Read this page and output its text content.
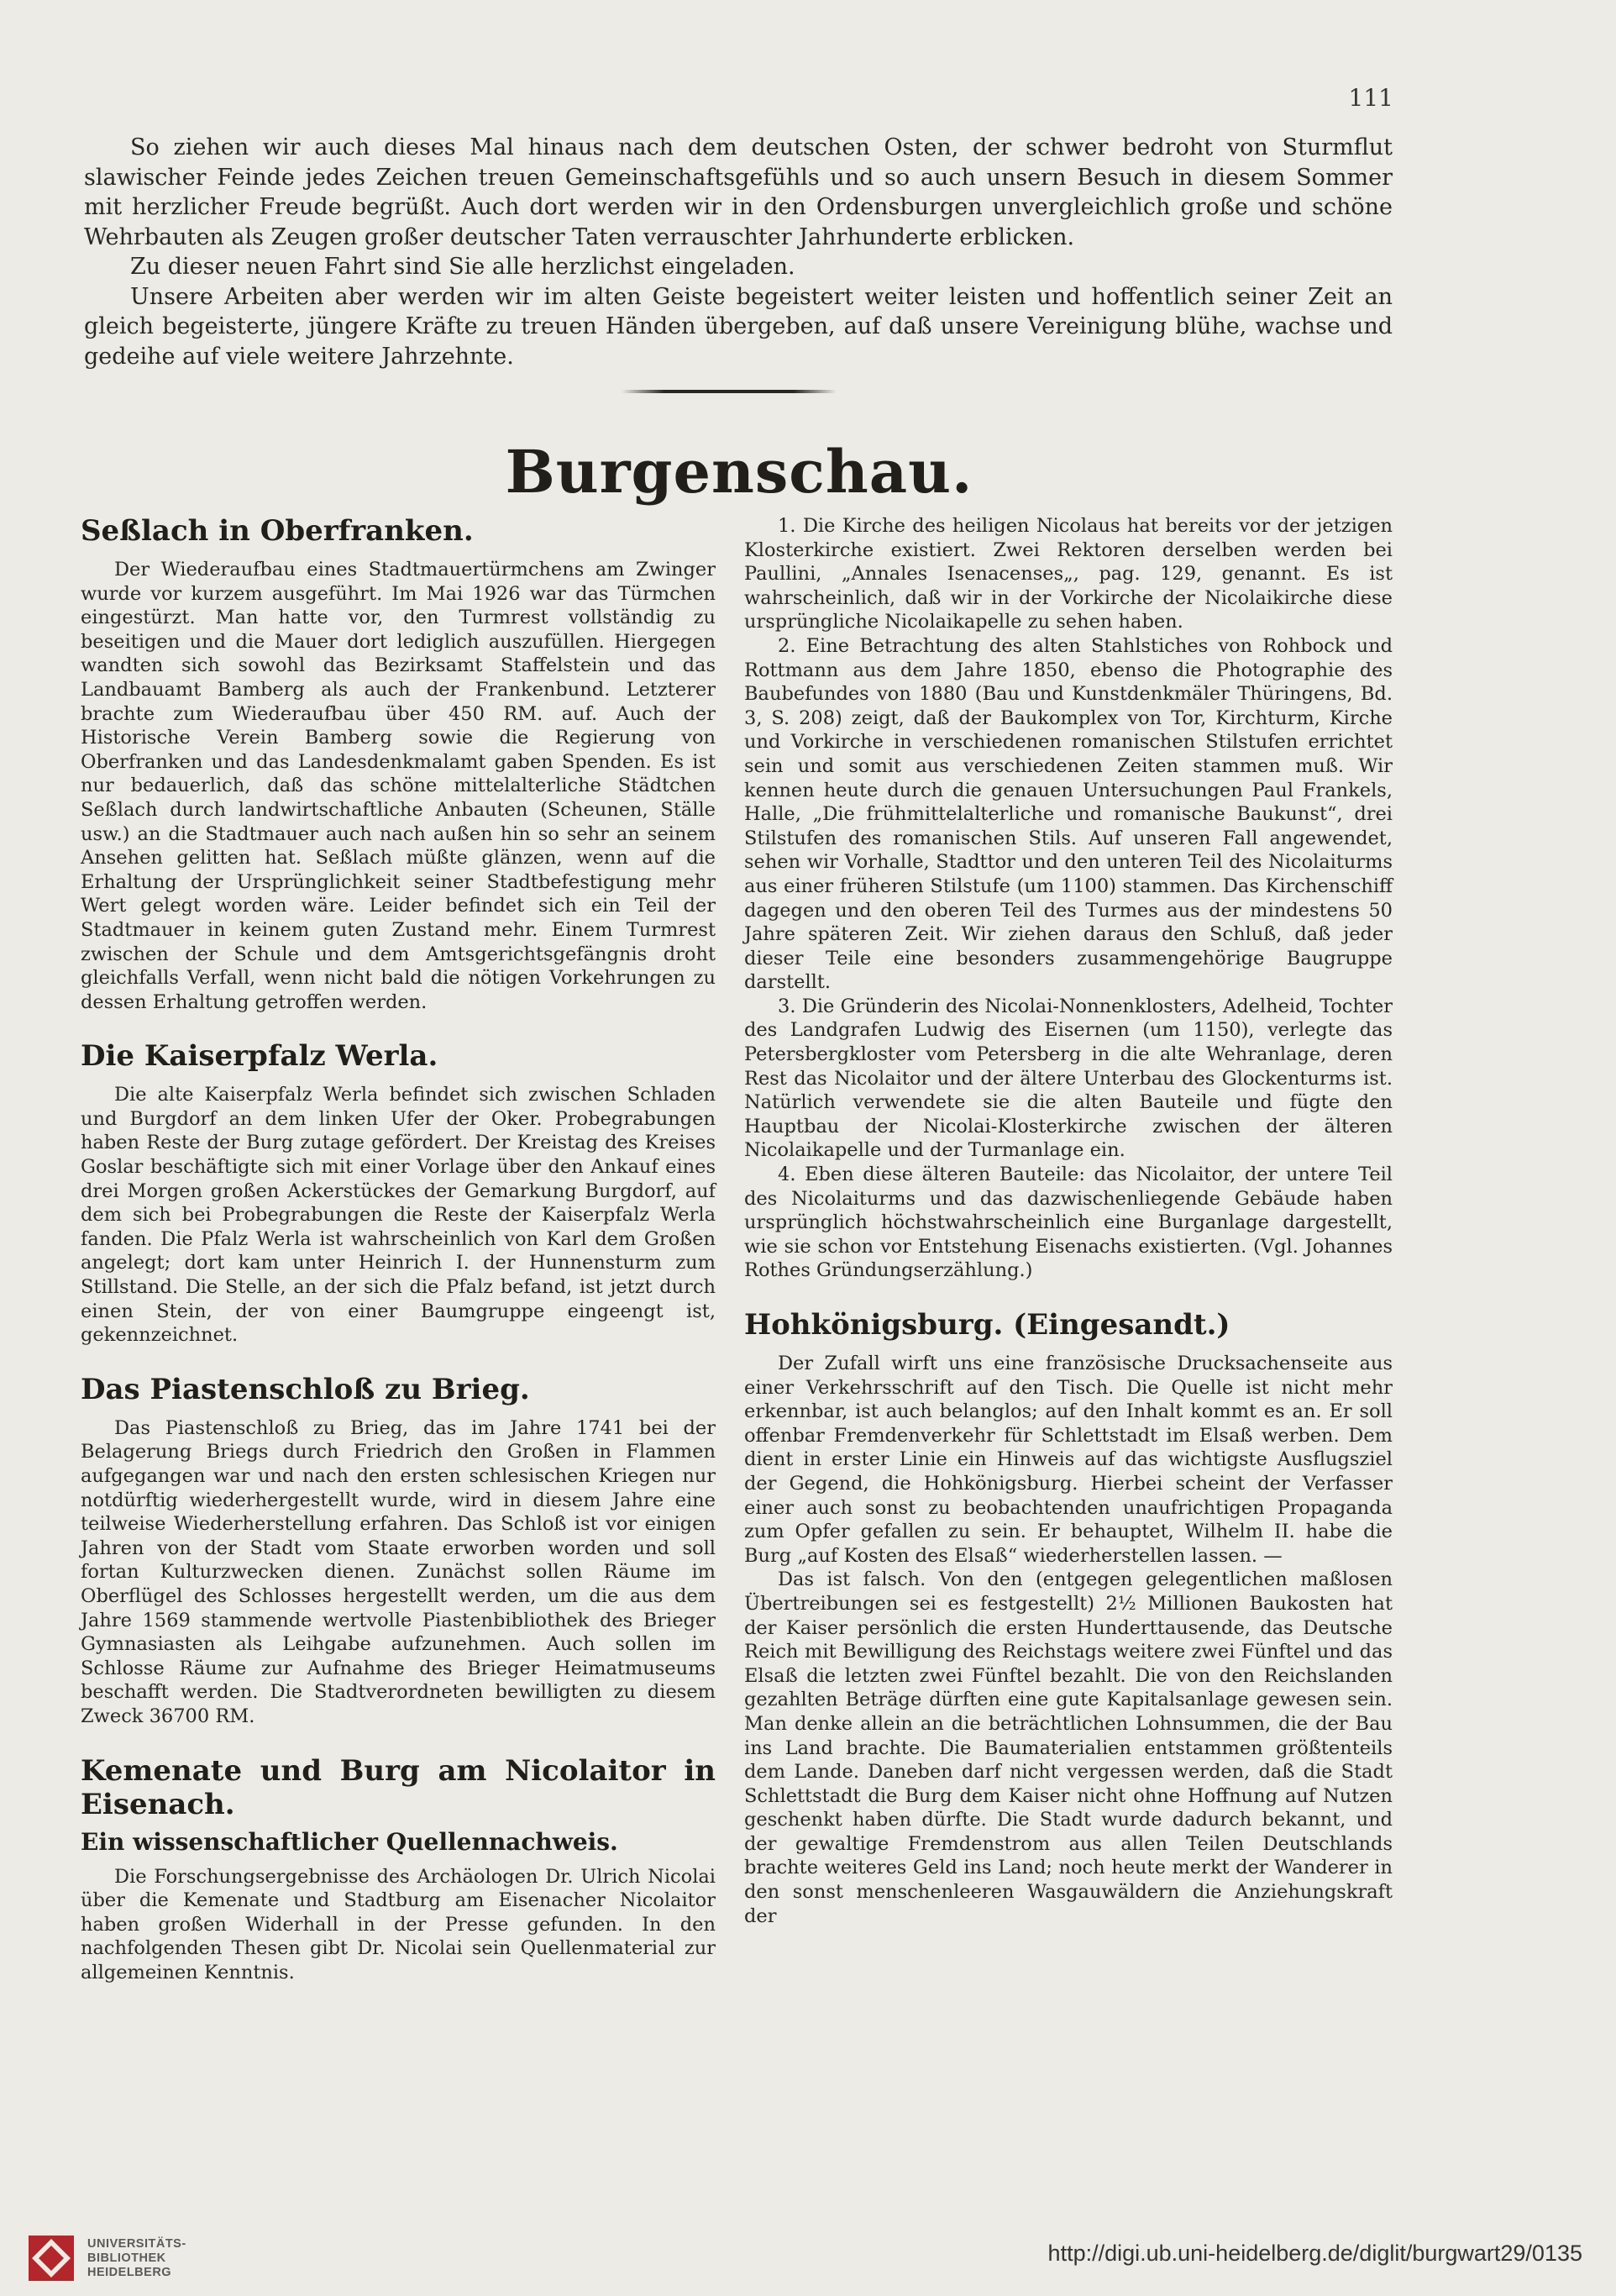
111

So ziehen wir auch dieses Mal hinaus nach dem deutschen Osten, der schwer bedroht von Sturmflut slawischer Feinde jedes Zeichen treuen Gemeinschaftsgefühls und so auch unsern Besuch in diesem Sommer mit herzlicher Freude begrüßt. Auch dort werden wir in den Ordensburgen unvergleichlich große und schöne Wehrbauten als Zeugen großer deutscher Taten verrauschter Jahrhunderte erblicken.

Zu dieser neuen Fahrt sind Sie alle herzlichst eingeladen.

Unsere Arbeiten aber werden wir im alten Geiste begeistert weiter leisten und hoffentlich seiner Zeit an gleich begeisterte, jüngere Kräfte zu treuen Händen übergeben, auf daß unsere Vereinigung blühe, wachse und gedeihe auf viele weitere Jahrzehnte.

Burgenschau.
Seßlach in Oberfranken.

Der Wiederaufbau eines Stadtmauertürmchens am Zwinger wurde vor kurzem ausgeführt. Im Mai 1926 war das Türmchen eingestürzt. Man hatte vor, den Turmrest vollständig zu beseitigen und die Mauer dort lediglich auszufüllen. Hiergegen wandten sich sowohl das Bezirksamt Staffelstein und das Landbauamt Bamberg als auch der Frankenbund. Letzterer brachte zum Wiederaufbau über 450 RM. auf. Auch der Historische Verein Bamberg sowie die Regierung von Oberfranken und das Landesdenkmalamt gaben Spenden. Es ist nur bedauerlich, daß das schöne mittelalterliche Städtchen Seßlach durch landwirtschaftliche Anbauten (Scheunen, Ställe usw.) an die Stadtmauer auch nach außen hin so sehr an seinem Ansehen gelitten hat. Seßlach müßte glänzen, wenn auf die Erhaltung der Ursprünglichkeit seiner Stadtbefestigung mehr Wert gelegt worden wäre. Leider befindet sich ein Teil der Stadtmauer in keinem guten Zustand mehr. Einem Turmrest zwischen der Schule und dem Amtsgerichtsgefängnis droht gleichfalls Verfall, wenn nicht bald die nötigen Vorkehrungen zu dessen Erhaltung getroffen werden.

Die Kaiserpfalz Werla.

Die alte Kaiserpfalz Werla befindet sich zwischen Schladen und Burgdorf an dem linken Ufer der Oker. Probegrabungen haben Reste der Burg zutage gefördert. Der Kreistag des Kreises Goslar beschäftigte sich mit einer Vorlage über den Ankauf eines drei Morgen großen Ackerstückes der Gemarkung Burgdorf, auf dem sich bei Probegrabungen die Reste der Kaiserpfalz Werla fanden. Die Pfalz Werla ist wahrscheinlich von Karl dem Großen angelegt; dort kam unter Heinrich I. der Hunnensturm zum Stillstand. Die Stelle, an der sich die Pfalz befand, ist jetzt durch einen Stein, der von einer Baumgruppe eingeengt ist, gekennzeichnet.

Das Piastenschloß zu Brieg.

Das Piastenschloß zu Brieg, das im Jahre 1741 bei der Belagerung Briegs durch Friedrich den Großen in Flammen aufgegangen war und nach den ersten schlesischen Kriegen nur notdürftig wiederhergestellt wurde, wird in diesem Jahre eine teilweise Wiederherstellung erfahren. Das Schloß ist vor einigen Jahren von der Stadt vom Staate erworben worden und soll fortan Kulturzwecken dienen. Zunächst sollen Räume im Oberflügel des Schlosses hergestellt werden, um die aus dem Jahre 1569 stammende wertvolle Piastenbibliothek des Brieger Gymnasiasten als Leihgabe aufzunehmen. Auch sollen im Schlosse Räume zur Aufnahme des Brieger Heimatmuseums beschafft werden. Die Stadtverordneten bewilligten zu diesem Zweck 36700 RM.

Kemenate und Burg am Nicolaitor in Eisenach.
Ein wissenschaftlicher Quellennachweis.

Die Forschungsergebnisse des Archäologen Dr. Ulrich Nicolai über die Kemenate und Stadtburg am Eisenacher Nicolaitor haben großen Widerhall in der Presse gefunden. In den nachfolgenden Thesen gibt Dr. Nicolai sein Quellenmaterial zur allgemeinen Kenntnis.

1. Die Kirche des heiligen Nicolaus hat bereits vor der jetzigen Klosterkirche existiert. Zwei Rektoren derselben werden bei Paullini, „Annales Isenacenses„, pag. 129, genannt. Es ist wahrscheinlich, daß wir in der Vorkirche der Nicolaikirche diese ursprüngliche Nicolaikapelle zu sehen haben.

2. Eine Betrachtung des alten Stahlstiches von Rohbock und Rottmann aus dem Jahre 1850, ebenso die Photographie des Baubefundes von 1880 (Bau und Kunstdenkmäler Thüringens, Bd. 3, S. 208) zeigt, daß der Baukomplex von Tor, Kirchturm, Kirche und Vorkirche in verschiedenen romanischen Stilstufen errichtet sein und somit aus verschiedenen Zeiten stammen muß. Wir kennen heute durch die genauen Untersuchungen Paul Frankels, Halle, „Die frühmittelalterliche und romanische Baukunst“, drei Stilstufen des romanischen Stils. Auf unseren Fall angewendet, sehen wir Vorhalle, Stadttor und den unteren Teil des Nicolaiturms aus einer früheren Stilstufe (um 1100) stammen. Das Kirchenschiff dagegen und den oberen Teil des Turmes aus der mindestens 50 Jahre späteren Zeit. Wir ziehen daraus den Schluß, daß jeder dieser Teile eine besonders zusammengehörige Baugruppe darstellt.

3. Die Gründerin des Nicolai-Nonnenklosters, Adelheid, Tochter des Landgrafen Ludwig des Eisernen (um 1150), verlegte das Petersbergkloster vom Petersberg in die alte Wehranlage, deren Rest das Nicolaitor und der ältere Unterbau des Glockenturms ist. Natürlich verwendete sie die alten Bauteile und fügte den Hauptbau der Nicolai-Klosterkirche zwischen der älteren Nicolaikapelle und der Turmanlage ein.

4. Eben diese älteren Bauteile: das Nicolaitor, der untere Teil des Nicolaiturms und das dazwischenliegende Gebäude haben ursprünglich höchstwahrscheinlich eine Burganlage dargestellt, wie sie schon vor Entstehung Eisenachs existierten. (Vgl. Johannes Rothes Gründungserzählung.)

Hohkönigsburg. (Eingesandt.)

Der Zufall wirft uns eine französische Drucksachenseite aus einer Verkehrsschrift auf den Tisch. Die Quelle ist nicht mehr erkennbar, ist auch belanglos; auf den Inhalt kommt es an. Er soll offenbar Fremdenverkehr für Schlettstadt im Elsaß werben. Dem dient in erster Linie ein Hinweis auf das wichtigste Ausflugsziel der Gegend, die Hohkönigsburg. Hierbei scheint der Verfasser einer auch sonst zu beobachtenden unaufrichtigen Propaganda zum Opfer gefallen zu sein. Er behauptet, Wilhelm II. habe die Burg „auf Kosten des Elsaß“ wiederherstellen lassen. —

Das ist falsch. Von den (entgegen gelegentlichen maßlosen Übertreibungen sei es festgestellt) 2½ Millionen Baukosten hat der Kaiser persönlich die ersten Hunderttausende, das Deutsche Reich mit Bewilligung des Reichstags weitere zwei Fünftel und das Elsaß die letzten zwei Fünftel bezahlt. Die von den Reichslanden gezahlten Beträge dürften eine gute Kapitalsanlage gewesen sein. Man denke allein an die beträchtlichen Lohnsummen, die der Bau ins Land brachte. Die Baumaterialien entstammen größtenteils dem Lande. Daneben darf nicht vergessen werden, daß die Stadt Schlettstadt die Burg dem Kaiser nicht ohne Hoffnung auf Nutzen geschenkt haben dürfte. Die Stadt wurde dadurch bekannt, und der gewaltige Fremdenstrom aus allen Teilen Deutschlands brachte weiteres Geld ins Land; noch heute merkt der Wanderer in den sonst menschenleeren Wasgauwäldern die Anziehungskraft der

UNIVERSITÄTS-
BIBLIOTHEK
HEIDELBERG
http://digi.ub.uni-heidelberg.de/diglit/burgwart29/0135
